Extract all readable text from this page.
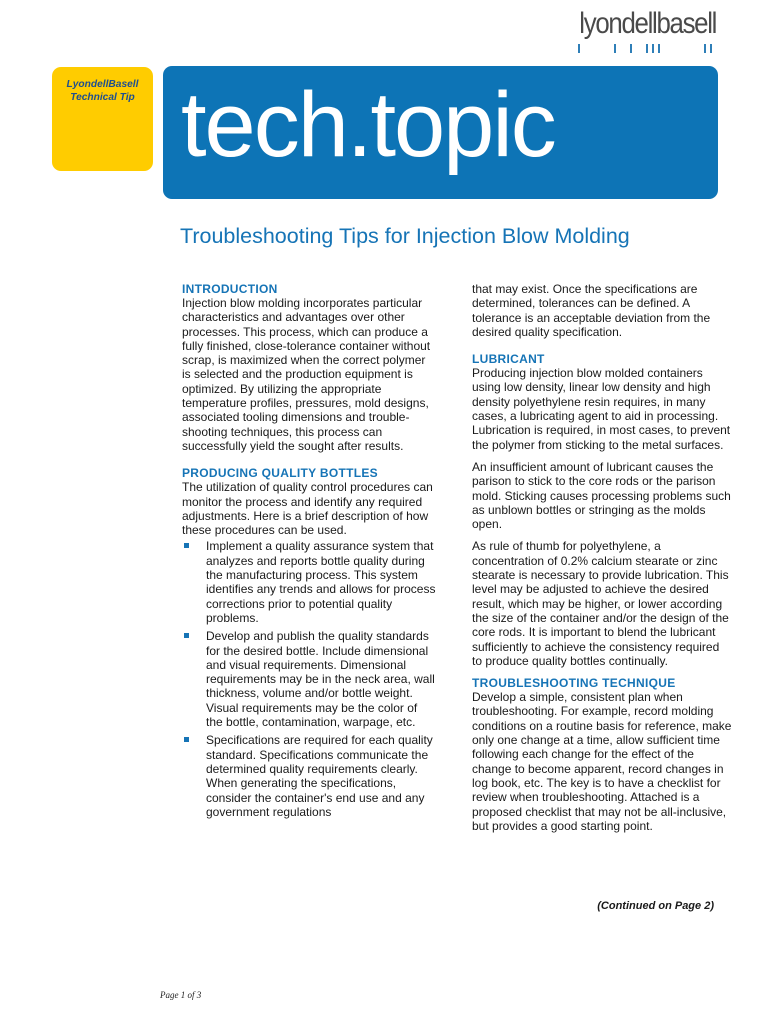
lyondellbasell
LyondellBasell
Technical Tip tech.topic
Troubleshooting Tips for Injection Blow Molding
INTRODUCTION

Injection blow molding incorporates particular characteristics and advantages over other processes. This process, which can produce a fully finished, close-tolerance container without scrap, is maximized when the correct polymer is selected and the production equipment is optimized. By utilizing the appropriate temperature profiles, pressures, mold designs, associated tooling dimensions and trouble-shooting techniques, this process can successfully yield the sought after results.

PRODUCING QUALITY BOTTLES

The utilization of quality control procedures can monitor the process and identify any required adjustments. Here is a brief description of how these procedures can be used.

Implement a quality assurance system that analyzes and reports bottle quality during the manufacturing process. This system identifies any trends and allows for process corrections prior to potential quality problems.
Develop and publish the quality standards for the desired bottle. Include dimensional and visual requirements. Dimensional requirements may be in the neck area, wall thickness, volume and/or bottle weight. Visual requirements may be the color of the bottle, contamination, warpage, etc.
Specifications are required for each quality standard. Specifications communicate the determined quality requirements clearly. When generating the specifications, consider the container's end use and any government regulations

that may exist. Once the specifications are determined, tolerances can be defined. A tolerance is an acceptable deviation from the desired quality specification.

LUBRICANT

Producing injection blow molded containers using low density, linear low density and high density polyethylene resin requires, in many cases, a lubricating agent to aid in processing. Lubrication is required, in most cases, to prevent the polymer from sticking to the metal surfaces.

An insufficient amount of lubricant causes the parison to stick to the core rods or the parison mold. Sticking causes processing problems such as unblown bottles or stringing as the molds open.

As rule of thumb for polyethylene, a concentration of 0.2% calcium stearate or zinc stearate is necessary to provide lubrication. This level may be adjusted to achieve the desired result, which may be higher, or lower according the size of the container and/or the design of the core rods. It is important to blend the lubricant sufficiently to achieve the consistency required to produce quality bottles continually.

TROUBLESHOOTING TECHNIQUE

Develop a simple, consistent plan when troubleshooting. For example, record molding conditions on a routine basis for reference, make only one change at a time, allow sufficient time following each change for the effect of the change to become apparent, record changes in log book, etc. The key is to have a checklist for review when troubleshooting. Attached is a proposed checklist that may not be all-inclusive, but provides a good starting point.

(Continued on Page 2)
Page 1 of 3
